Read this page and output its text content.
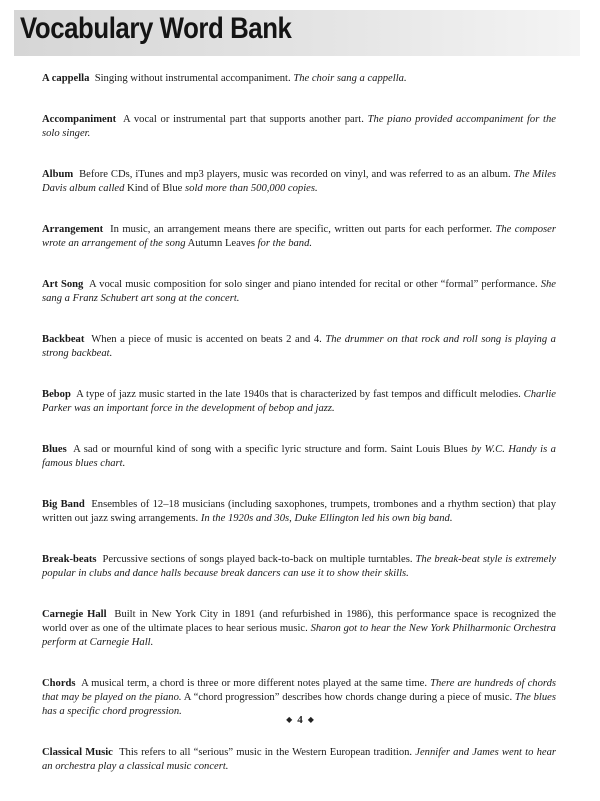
Vocabulary Word Bank

A cappella Singing without instrumental accompaniment. The choir sang a cappella.

Accompaniment A vocal or instrumental part that supports another part. The piano provided accompaniment for the solo singer.

Album Before CDs, iTunes and mp3 players, music was recorded on vinyl, and was referred to as an album. The Miles Davis album called Kind of Blue sold more than 500,000 copies.

Arrangement In music, an arrangement means there are specific, written out parts for each performer. The composer wrote an arrangement of the song Autumn Leaves for the band.

Art Song A vocal music composition for solo singer and piano intended for recital or other “formal” performance. She sang a Franz Schubert art song at the concert.

Backbeat When a piece of music is accented on beats 2 and 4. The drummer on that rock and roll song is playing a strong backbeat.

Bebop A type of jazz music started in the late 1940s that is characterized by fast tempos and difficult melodies. Charlie Parker was an important force in the development of bebop and jazz.

Blues A sad or mournful kind of song with a specific lyric structure and form. Saint Louis Blues by W.C. Handy is a famous blues chart.

Big Band Ensembles of 12–18 musicians (including saxophones, trumpets, trombones and a rhythm section) that play written out jazz swing arrangements. In the 1920s and 30s, Duke Ellington led his own big band.

Break-beats Percussive sections of songs played back-to-back on multiple turntables. The break-beat style is extremely popular in clubs and dance halls because break dancers can use it to show their skills.

Carnegie Hall Built in New York City in 1891 (and refurbished in 1986), this performance space is recognized the world over as one of the ultimate places to hear serious music. Sharon got to hear the New York Philharmonic Orchestra perform at Carnegie Hall.

Chords A musical term, a chord is three or more different notes played at the same time. There are hundreds of chords that may be played on the piano. A “chord progression” describes how chords change during a piece of music. The blues has a specific chord progression.

Classical Music This refers to all “serious” music in the Western European tradition. Jennifer and James went to hear an orchestra play a classical music concert.

◆ 4 ◆
